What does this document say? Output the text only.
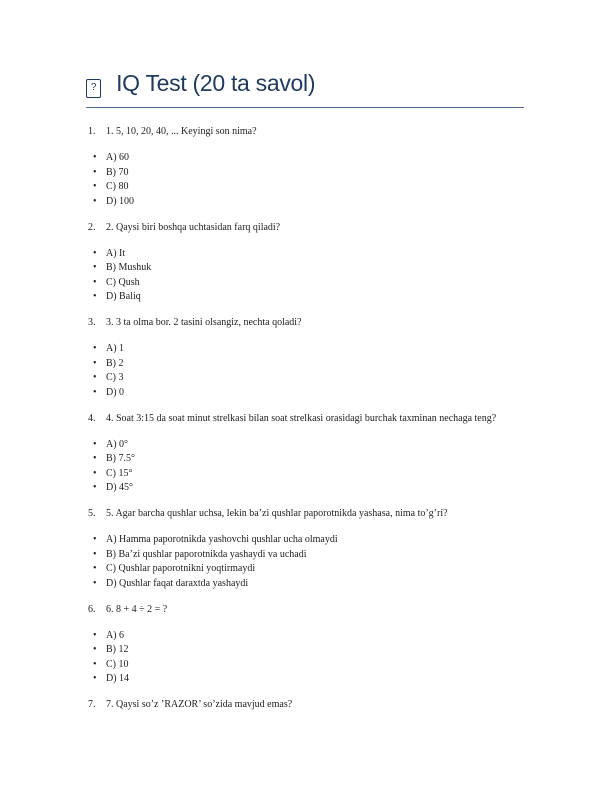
? IQ Test (20 ta savol)
1. 1. 5, 10, 20, 40, ... Keyingi son nima?
• A) 60
• B) 70
• C) 80
• D) 100
2. 2. Qaysi biri boshqa uchtasidan farq qiladi?
• A) It
• B) Mushuk
• C) Qush
• D) Baliq
3. 3. 3 ta olma bor. 2 tasini olsangiz, nechta qoladi?
• A) 1
• B) 2
• C) 3
• D) 0
4. 4. Soat 3:15 da soat minut strelkasi bilan soat strelkasi orasidagi burchak taxminan nechaga teng?
• A) 0°
• B) 7.5°
• C) 15°
• D) 45°
5. 5. Agar barcha qushlar uchsa, lekin ba’zi qushlar paporotnikda yashasa, nima to’g’ri?
• A) Hamma paporotnikda yashovchi qushlar ucha olmaydi
• B) Ba’zi qushlar paporotnikda yashaydi va uchadi
• C) Qushlar paporotnikni yoqtirmaydi
• D) Qushlar faqat daraxtda yashaydi
6. 6. 8 + 4 ÷ 2 = ?
• A) 6
• B) 12
• C) 10
• D) 14
7. 7. Qaysi so’z ’RAZOR’ so’zida mavjud emas?
